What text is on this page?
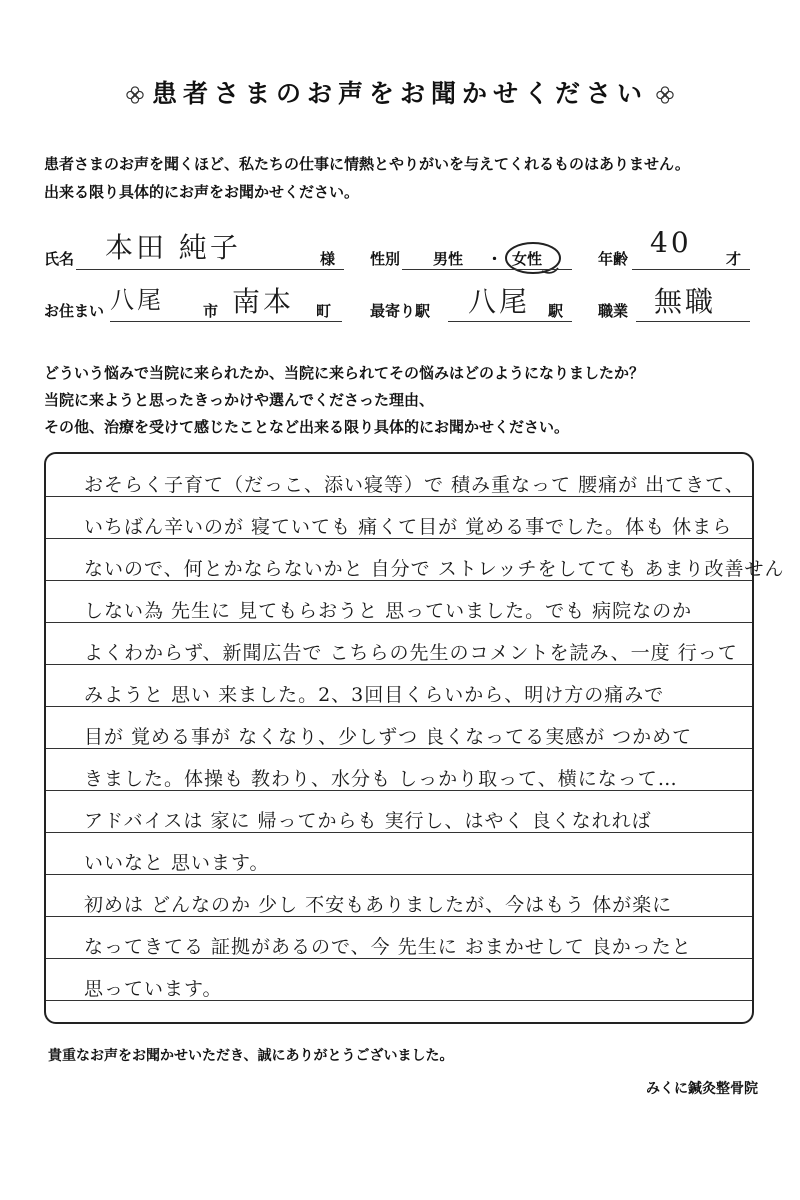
患者さまのお声をお聞かせください
患者さまのお声を聞くほど、私たちの仕事に情熱とやりがいを与えてくれるものはありません。
出来る限り具体的にお声をお聞かせください。
氏名 本田 純子	様 性別 男性 ・ 女性	年齢 40 才
お住まい 八尾	市 南本 町	最寄り駅 八尾 駅 職業 無職
どういう悩みで当院に来られたか、当院に来られてその悩みはどのようになりましたか？
当院に来ようと思ったきっかけや選んでくださった理由、
その他、治療を受けて感じたことなど出来る限り具体的にお聞かせください。
おそらく子育て（だっこ、添い寝等）で 積み重なって 腰痛が 出てきて、
いちばん辛いのが 寝ていても 痛くて目が 覚める事でした。体も 休まら
ないので、何とかならないかと 自分で ストレッチをしてても あまり改善せん
しない為 先生に 見てもらおうと 思っていました。でも 病院なのか
よくわからず、新聞広告で こちらの先生のコメントを読み、一度 行って
みようと 思い 来ました。2、3回目くらいから、明け方の痛みで
目が 覚める事が なくなり、少しずつ 良くなってる実感が つかめて
きました。体操も 教わり、水分も しっかり取って、横になって…
アドバイスは 家に 帰ってからも 実行し、はやく 良くなれれば
いいなと 思います。
初めは どんなのか 少し 不安もありましたが、今はもう 体が楽に
なってきてる 証拠があるので、今 先生に おまかせして 良かったと
思っています。
貴重なお声をお聞かせいただき、誠にありがとうございました。
みくに鍼灸整骨院
